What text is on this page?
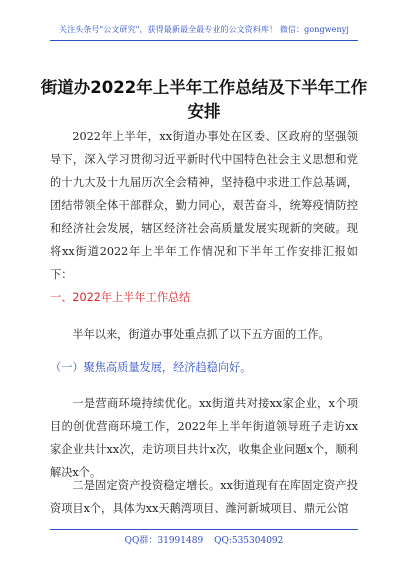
关注头条号"公文研究"，获得最新最全最专业的公文资料库！ 微信：gongwenyj
街道办2022年上半年工作总结及下半年工作安排
2022年上半年，xx街道办事处在区委、区政府的坚强领导下，深入学习贯彻习近平新时代中国特色社会主义思想和党的十九大及十九届历次全会精神，坚持稳中求进工作总基调，团结带领全体干部群众，勤力同心，艰苦奋斗，统筹疫情防控和经济社会发展，辖区经济社会高质量发展实现新的突破。现将xx街道2022年上半年工作情况和下半年工作安排汇报如下：
一、2022年上半年工作总结
半年以来，街道办事处重点抓了以下五方面的工作。
（一）聚焦高质量发展，经济趋稳向好。
一是营商环境持续优化。xx街道共对接xx家企业，x个项目的创优营商环境工作，2022年上半年街道领导班子走访xx家企业共计xx次，走访项目共计x次，收集企业问题x个，顺利解决x个。
二是固定资产投资稳定增长。xx街道现有在库固定资产投资项目x个，具体为xx天鹅湾项目、潍河新城项目、鼎元公馆
QQ群：31991489 QQ:535304092
